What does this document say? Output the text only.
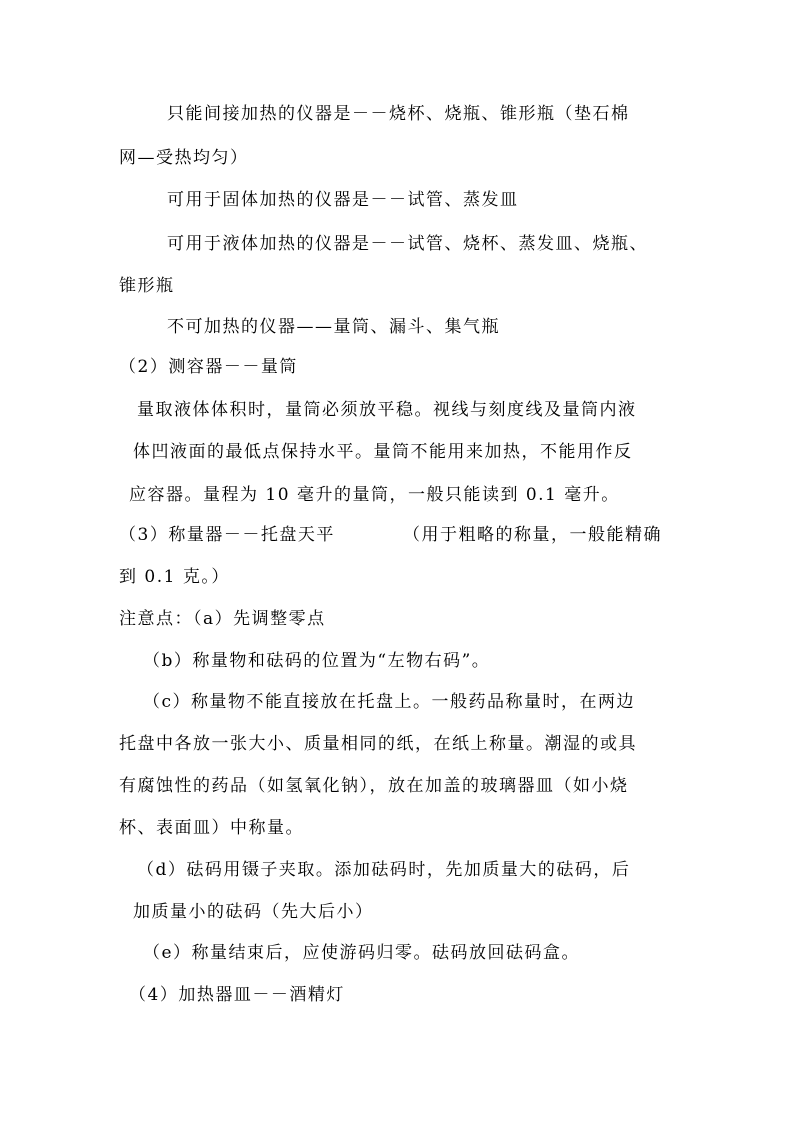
只能间接加热的仪器是－－烧杯、烧瓶、锥形瓶（垫石棉
网—受热均匀）
可用于固体加热的仪器是－－试管、蒸发皿
可用于液体加热的仪器是－－试管、烧杯、蒸发皿、烧瓶、
锥形瓶
不可加热的仪器——量筒、漏斗、集气瓶
（2）测容器－－量筒
量取液体体积时，量筒必须放平稳。视线与刻度线及量筒内液
体凹液面的最低点保持水平。量筒不能用来加热，不能用作反
应容器。量程为 10 毫升的量筒，一般只能读到 0.1 毫升。
（3）称量器－－托盘天平	（用于粗略的称量，一般能精确
到 0.1 克。）
注意点：（a）先调整零点
（b）称量物和砝码的位置为“左物右码”。
（c）称量物不能直接放在托盘上。一般药品称量时，在两边
托盘中各放一张大小、质量相同的纸，在纸上称量。潮湿的或具
有腐蚀性的药品（如氢氧化钠），放在加盖的玻璃器皿（如小烧
杯、表面皿）中称量。
（d）砝码用镊子夹取。添加砝码时，先加质量大的砝码，后
加质量小的砝码（先大后小）
（e）称量结束后，应使游码归零。砝码放回砝码盒。
（4）加热器皿－－酒精灯
